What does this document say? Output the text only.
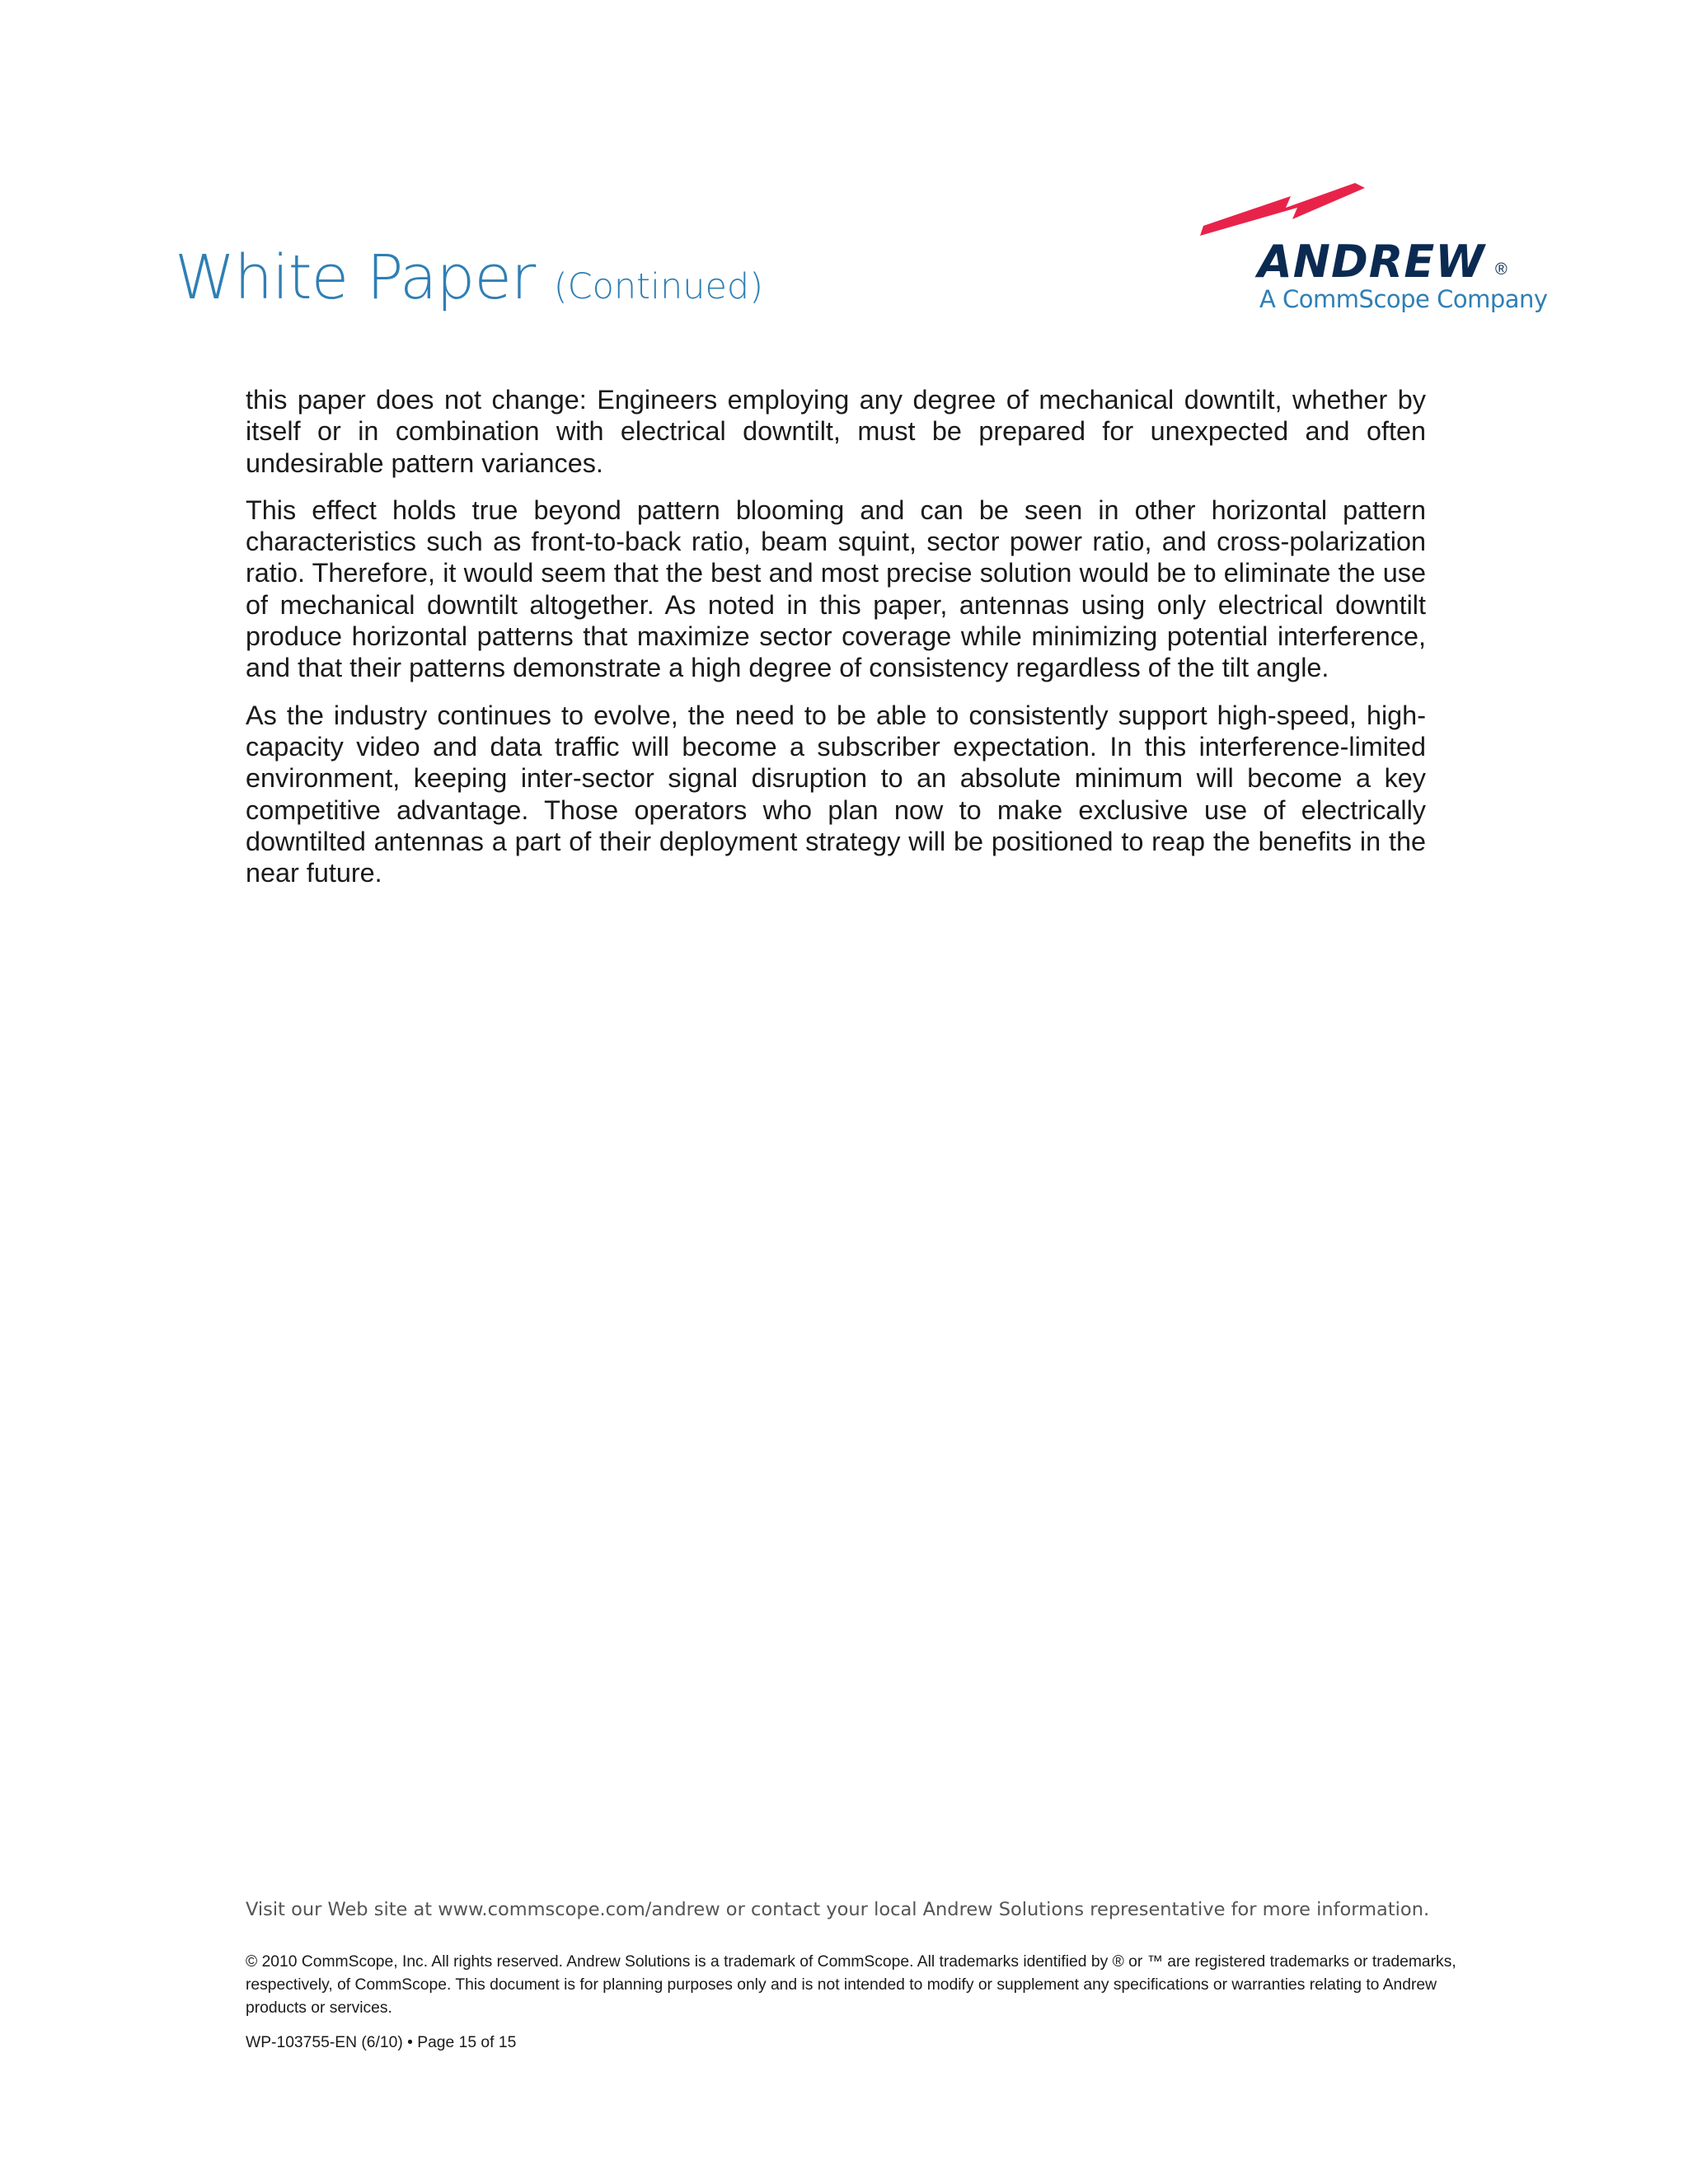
White Paper (Continued)	ANDREW ®
A CommScope Company

this paper does not change: Engineers employing any degree of mechanical downtilt, whether by itself or in combination with electrical downtilt, must be prepared for unexpected and often undesirable pattern variances.

This effect holds true beyond pattern blooming and can be seen in other horizontal pattern characteristics such as front-to-back ratio, beam squint, sector power ratio, and cross-polarization ratio. Therefore, it would seem that the best and most precise solution would be to eliminate the use of mechanical downtilt altogether. As noted in this paper, antennas using only electrical downtilt produce horizontal patterns that maximize sector coverage while minimizing potential interference, and that their patterns demonstrate a high degree of consistency regardless of the tilt angle.

As the industry continues to evolve, the need to be able to consistently support high-speed, high-capacity video and data traffic will become a subscriber expectation. In this interference-limited environment, keeping inter-sector signal disruption to an absolute minimum will become a key competitive advantage. Those operators who plan now to make exclusive use of electrically downtilted antennas a part of their deployment strategy will be positioned to reap the benefits in the near future.

Visit our Web site at www.commscope.com/andrew or contact your local Andrew Solutions representative for more information.
© 2010 CommScope, Inc. All rights reserved. Andrew Solutions is a trademark of CommScope. All trademarks identified by ® or ™ are registered trademarks or trademarks, respectively, of CommScope. This document is for planning purposes only and is not intended to modify or supplement any specifications or warranties relating to Andrew products or services.
WP-103755-EN (6/10) • Page 15 of 15
